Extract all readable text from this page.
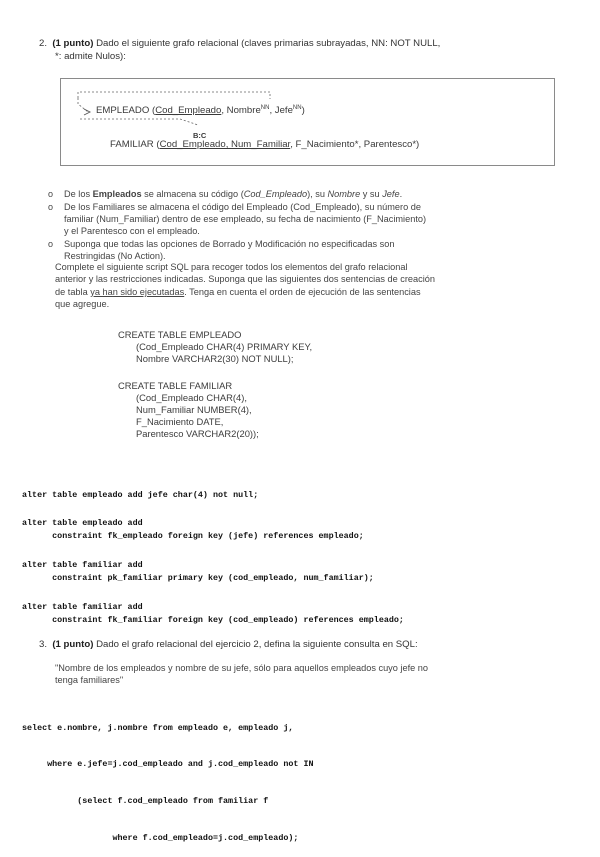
2. (1 punto) Dado el siguiente grafo relacional (claves primarias subrayadas, NN: NOT NULL,
*: admite Nulos):
EMPLEADO (Cod_Empleado, Nombre$^{NN}$, Jefe$^{NN}$)
B:C
FAMILIAR (Cod_Empleado, Num_Familiar, F_Nacimiento*, Parentesco*)
o De los Empleados se almacena su código (Cod_Empleado), su Nombre y su Jefe.
o De los Familiares se almacena el código del Empleado (Cod_Empleado), su número de
familiar (Num_Familiar) dentro de ese empleado, su fecha de nacimiento (F_Nacimiento)
y el Parentesco con el empleado.
o Suponga que todas las opciones de Borrado y Modificación no especificadas son
Restringidas (No Action).
Complete el siguiente script SQL para recoger todos los elementos del grafo relacional
anterior y las restricciones indicadas. Suponga que las siguientes dos sentencias de creación
de tabla ya han sido ejecutadas. Tenga en cuenta el orden de ejecución de las sentencias
que agregue.
CREATE TABLE EMPLEADO
(Cod_Empleado CHAR(4) PRIMARY KEY,
Nombre VARCHAR2(30) NOT NULL);
CREATE TABLE FAMILIAR
(Cod_Empleado CHAR(4),
Num_Familiar NUMBER(4),
F_Nacimiento DATE,
Parentesco VARCHAR2(20));
alter table empleado add jefe char(4) not null;
alter table empleado add
constraint fk_empleado foreign key (jefe) references empleado;
alter table familiar add
constraint pk_familiar primary key (cod_empleado, num_familiar);
alter table familiar add
constraint fk_familiar foreign key (cod_empleado) references empleado;
3. (1 punto) Dado el grafo relacional del ejercicio 2, defina la siguiente consulta en SQL:
"Nombre de los empleados y nombre de su jefe, sólo para aquellos empleados cuyo jefe no
tenga familiares"

select e.nombre, j.nombre from empleado e, empleado j,

where e.jefe=j.cod_empleado and j.cod_empleado not IN

(select f.cod_empleado from familiar f

where f.cod_empleado=j.cod_empleado);
